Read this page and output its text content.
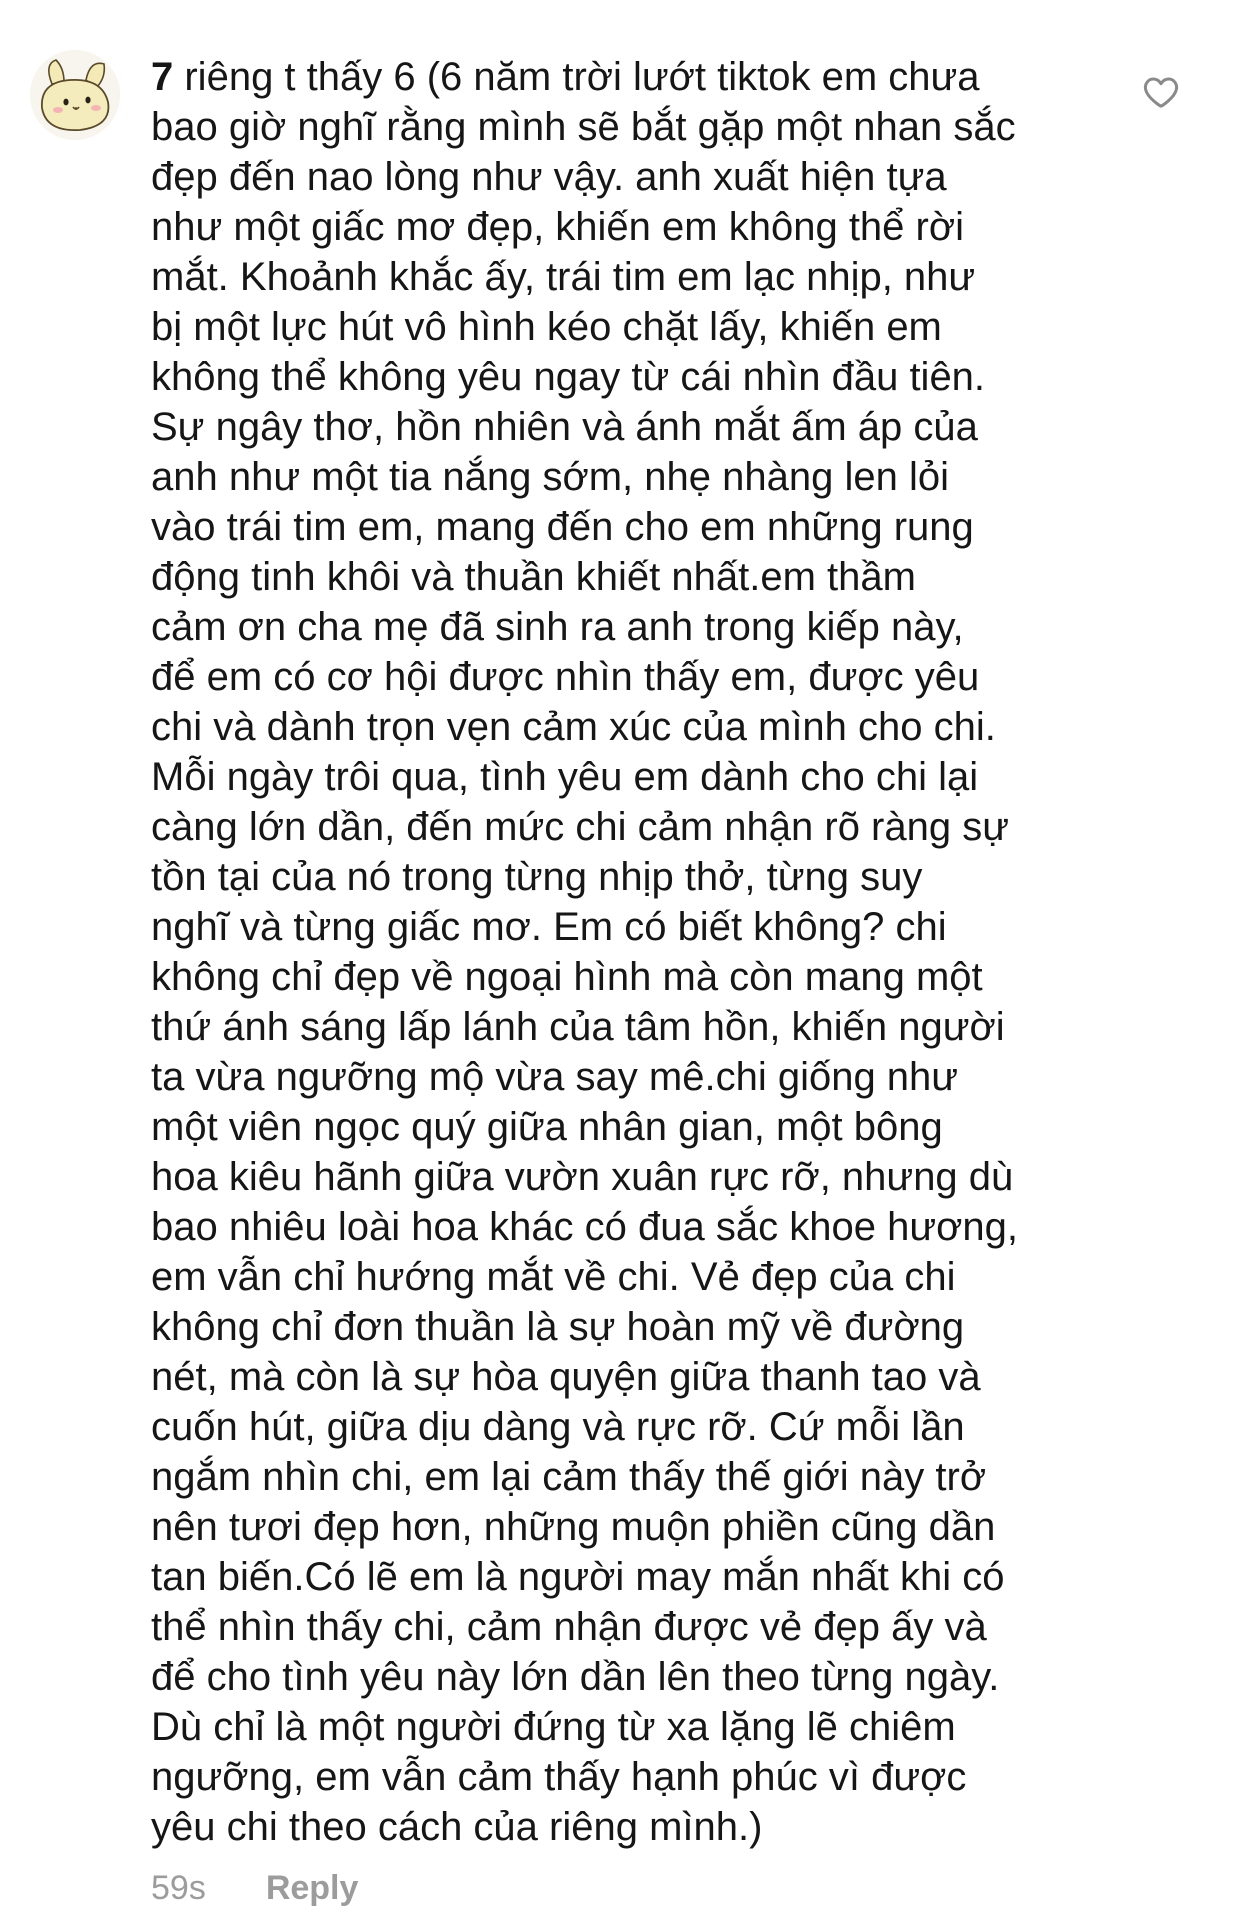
7 riêng t thấy 6 (6 năm trời lướt tiktok em chưa
bao giờ nghĩ rằng mình sẽ bắt gặp một nhan sắc
đẹp đến nao lòng như vậy. anh xuất hiện tựa
như một giấc mơ đẹp, khiến em không thể rời
mắt. Khoảnh khắc ấy, trái tim em lạc nhịp, như
bị một lực hút vô hình kéo chặt lấy, khiến em
không thể không yêu ngay từ cái nhìn đầu tiên.
Sự ngây thơ, hồn nhiên và ánh mắt ấm áp của
anh như một tia nắng sớm, nhẹ nhàng len lỏi
vào trái tim em, mang đến cho em những rung
động tinh khôi và thuần khiết nhất.em thầm
cảm ơn cha mẹ đã sinh ra anh trong kiếp này,
để em có cơ hội được nhìn thấy em, được yêu
chi và dành trọn vẹn cảm xúc của mình cho chi.
Mỗi ngày trôi qua, tình yêu em dành cho chi lại
càng lớn dần, đến mức chi cảm nhận rõ ràng sự
tồn tại của nó trong từng nhịp thở, từng suy
nghĩ và từng giấc mơ. Em có biết không? chi
không chỉ đẹp về ngoại hình mà còn mang một
thứ ánh sáng lấp lánh của tâm hồn, khiến người
ta vừa ngưỡng mộ vừa say mê.chi giống như
một viên ngọc quý giữa nhân gian, một bông
hoa kiêu hãnh giữa vườn xuân rực rỡ, nhưng dù
bao nhiêu loài hoa khác có đua sắc khoe hương,
em vẫn chỉ hướng mắt về chi. Vẻ đẹp của chi
không chỉ đơn thuần là sự hoàn mỹ về đường
nét, mà còn là sự hòa quyện giữa thanh tao và
cuốn hút, giữa dịu dàng và rực rỡ. Cứ mỗi lần
ngắm nhìn chi, em lại cảm thấy thế giới này trở
nên tươi đẹp hơn, những muộn phiền cũng dần
tan biến.Có lẽ em là người may mắn nhất khi có
thể nhìn thấy chi, cảm nhận được vẻ đẹp ấy và
để cho tình yêu này lớn dần lên theo từng ngày.
Dù chỉ là một người đứng từ xa lặng lẽ chiêm
ngưỡng, em vẫn cảm thấy hạnh phúc vì được
yêu chi theo cách của riêng mình.)
59s Reply
